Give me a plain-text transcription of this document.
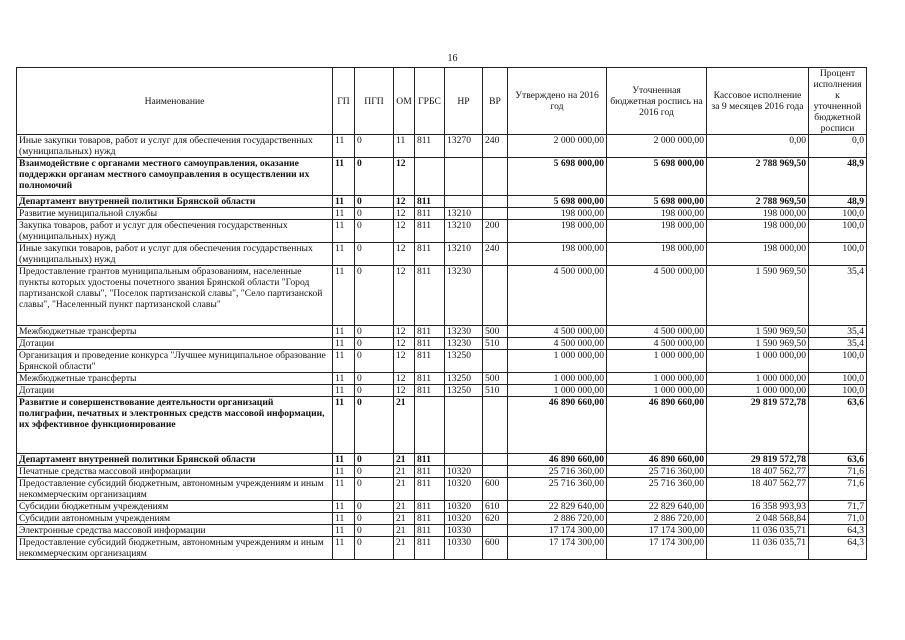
16
Наименование	ГП	ПГП	ОМ	ГРБС	НР	ВР	Утверждено на 2016 год	Уточненная бюджетная роспись на 2016 год	Кассовое исполнение за 9 месяцев 2016 года	Процент исполнения к уточненной бюджетной росписи
Иные закупки товаров, работ и услуг для обеспечения государственных (муниципальных) нужд	11	0	11	811	13270	240	2 000 000,00	2 000 000,00	0,00	0,0
Взаимодействие с органами местного самоуправления, оказание поддержки органам местного самоуправления в осуществлении их полномочий	11	0	12				5 698 000,00	5 698 000,00	2 788 969,50	48,9
Департамент внутренней политики Брянской области	11	0	12	811			5 698 000,00	5 698 000,00	2 788 969,50	48,9
Развитие муниципальной службы	11	0	12	811	13210		198 000,00	198 000,00	198 000,00	100,0
Закупка товаров, работ и услуг для обеспечения государственных (муниципальных) нужд	11	0	12	811	13210	200	198 000,00	198 000,00	198 000,00	100,0
Иные закупки товаров, работ и услуг для обеспечения государственных (муниципальных) нужд	11	0	12	811	13210	240	198 000,00	198 000,00	198 000,00	100,0
Предоставление грантов муниципальным образованиям, населенные пункты которых удостоены почетного звания Брянской области "Город партизанской славы", "Поселок партизанской славы", "Село партизанской славы", "Населенный пункт партизанской славы"	11	0	12	811	13230		4 500 000,00	4 500 000,00	1 590 969,50	35,4
Межбюджетные трансферты	11	0	12	811	13230	500	4 500 000,00	4 500 000,00	1 590 969,50	35,4
Дотации	11	0	12	811	13230	510	4 500 000,00	4 500 000,00	1 590 969,50	35,4
Организация и проведение конкурса "Лучшее муниципальное образование Брянской области"	11	0	12	811	13250		1 000 000,00	1 000 000,00	1 000 000,00	100,0
Межбюджетные трансферты	11	0	12	811	13250	500	1 000 000,00	1 000 000,00	1 000 000,00	100,0
Дотации	11	0	12	811	13250	510	1 000 000,00	1 000 000,00	1 000 000,00	100,0
Развитие и совершенствование деятельности организаций полиграфии, печатных и электронных средств массовой информации, их эффективное функционирование	11	0	21				46 890 660,00	46 890 660,00	29 819 572,78	63,6
Департамент внутренней политики Брянской области	11	0	21	811			46 890 660,00	46 890 660,00	29 819 572,78	63,6
Печатные средства массовой информации	11	0	21	811	10320		25 716 360,00	25 716 360,00	18 407 562,77	71,6
Предоставление субсидий бюджетным, автономным учреждениям и иным некоммерческим организациям	11	0	21	811	10320	600	25 716 360,00	25 716 360,00	18 407 562,77	71,6
Субсидии бюджетным учреждениям	11	0	21	811	10320	610	22 829 640,00	22 829 640,00	16 358 993,93	71,7
Субсидии автономным учреждениям	11	0	21	811	10320	620	2 886 720,00	2 886 720,00	2 048 568,84	71,0
Электронные средства массовой информации	11	0	21	811	10330		17 174 300,00	17 174 300,00	11 036 035,71	64,3
Предоставление субсидий бюджетным, автономным учреждениям и иным некоммерческим организациям	11	0	21	811	10330	600	17 174 300,00	17 174 300,00	11 036 035,71	64,3
